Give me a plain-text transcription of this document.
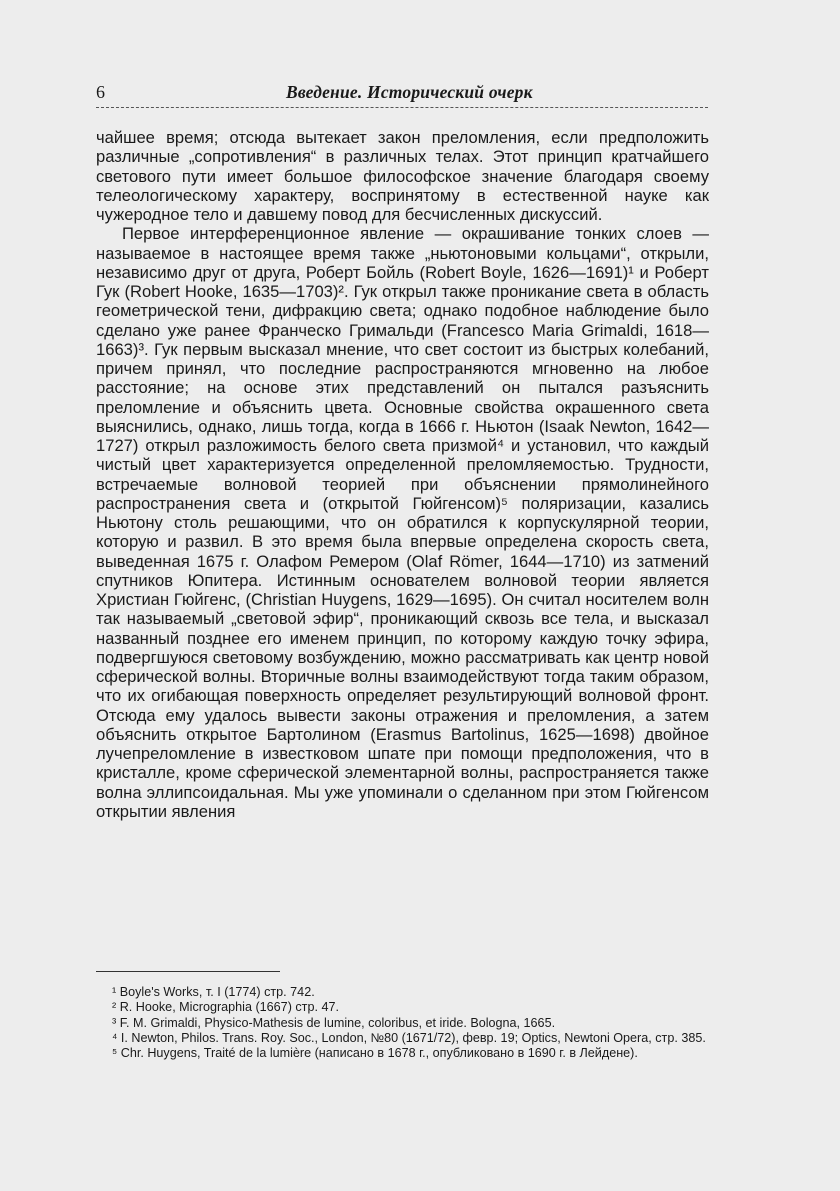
6	Введение. Исторический очерк

чайшее время; отсюда вытекает закон преломления, если предположить различные „сопротивления“ в различных телах. Этот принцип кратчайшего светового пути имеет большое философское значение благодаря своему телеологическому характеру, воспринятому в естественной науке как чужеродное тело и давшему повод для бесчисленных дискуссий.

Первое интерференционное явление — окрашивание тонких слоев — называемое в настоящее время также „ньютоновыми кольцами“, открыли, независимо друг от друга, Роберт Бойль (Robert Boyle, 1626—1691)¹ и Роберт Гук (Robert Hooke, 1635—1703)². Гук открыл также проникание света в область геометрической тени, дифракцию света; однако подобное наблюдение было сделано уже ранее Франческо Гримальди (Francesco Maria Grimaldi, 1618—1663)³. Гук первым высказал мнение, что свет состоит из быстрых колебаний, причем принял, что последние распространяются мгновенно на любое расстояние; на основе этих представлений он пытался разъяснить преломление и объяснить цвета. Основные свойства окрашенного света выяснились, однако, лишь тогда, когда в 1666 г. Ньютон (Isaak Newton, 1642—1727) открыл разложимость белого света призмой⁴ и установил, что каждый чистый цвет характеризуется определенной преломляемостью. Трудности, встречаемые волновой теорией при объяснении прямолинейного распространения света и (открытой Гюйгенсом)⁵ поляризации, казались Ньютону столь решающими, что он обратился к корпускулярной теории, которую и развил. В это время была впервые определена скорость света, выведенная 1675 г. Олафом Ремером (Olaf Römer, 1644—1710) из затмений спутников Юпитера. Истинным основателем волновой теории является Христиан Гюйгенс, (Christian Huygens, 1629—1695). Он считал носителем волн так называемый „световой эфир“, проникающий сквозь все тела, и высказал названный позднее его именем принцип, по которому каждую точку эфира, подвергшуюся световому возбуждению, можно рассматривать как центр новой сферической волны. Вторичные волны взаимодействуют тогда таким образом, что их огибающая поверхность определяет результирующий волновой фронт. Отсюда ему удалось вывести законы отражения и преломления, а затем объяснить открытое Бартолином (Erasmus Bartolinus, 1625—1698) двойное лучепреломление в известковом шпате при помощи предположения, что в кристалле, кроме сферической элементарной волны, распространяется также волна эллипсоидальная. Мы уже упоминали о сделанном при этом Гюйгенсом открытии явления

¹ Boyle's Works, т. I (1774) стр. 742.

² R. Hooke, Micrographia (1667) стр. 47.

³ F. M. Grimaldi, Physico-Mathesis de lumine, coloribus, et iride. Bologna, 1665.

⁴ I. Newton, Philos. Trans. Roy. Soc., London, №80 (1671/72), февр. 19; Optics, Newtoni Opera, стр. 385.

⁵ Chr. Huygens, Traité de la lumière (написано в 1678 г., опубликовано в 1690 г. в Лейдене).
